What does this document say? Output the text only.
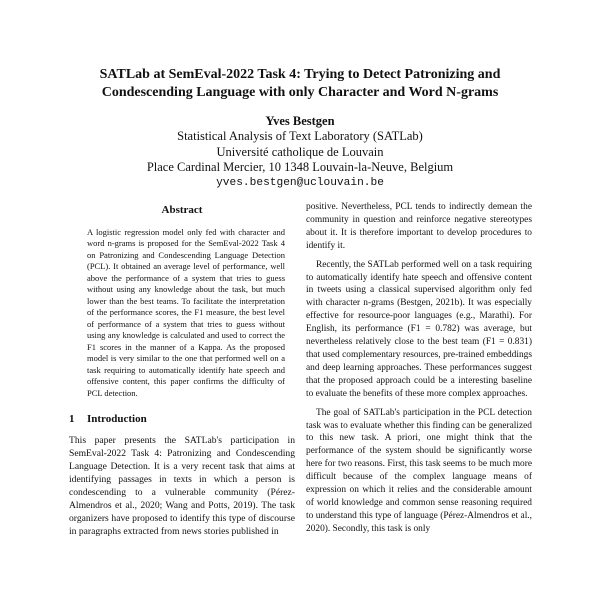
SATLab at SemEval-2022 Task 4: Trying to Detect Patronizing and
Condescending Language with only Character and Word N-grams
Yves Bestgen
Statistical Analysis of Text Laboratory (SATLab)
Université catholique de Louvain
Place Cardinal Mercier, 10 1348 Louvain-la-Neuve, Belgium
yves.bestgen@uclouvain.be
Abstract
A logistic regression model only fed with character and word n-grams is proposed for the SemEval-2022 Task 4 on Patronizing and Condescending Language Detection (PCL). It obtained an average level of performance, well above the performance of a system that tries to guess without using any knowledge about the task, but much lower than the best teams. To facilitate the interpretation of the performance scores, the F1 measure, the best level of performance of a system that tries to guess without using any knowledge is calculated and used to correct the F1 scores in the manner of a Kappa. As the proposed model is very similar to the one that performed well on a task requiring to automatically identify hate speech and offensive content, this paper confirms the difficulty of PCL detection.
1 Introduction

This paper presents the SATLab's participation in SemEval-2022 Task 4: Patronizing and Condescending Language Detection. It is a very recent task that aims at identifying passages in texts in which a person is condescending to a vulnerable community (Pérez-Almendros et al., 2020; Wang and Potts, 2019). The task organizers have proposed to identify this type of discourse in paragraphs extracted from news stories published in

positive. Nevertheless, PCL tends to indirectly demean the community in question and reinforce negative stereotypes about it. It is therefore important to develop procedures to identify it.

Recently, the SATLab performed well on a task requiring to automatically identify hate speech and offensive content in tweets using a classical supervised algorithm only fed with character n-grams (Bestgen, 2021b). It was especially effective for resource-poor languages (e.g., Marathi). For English, its performance (F1 = 0.782) was average, but nevertheless relatively close to the best team (F1 = 0.831) that used complementary resources, pre-trained embeddings and deep learning approaches. These performances suggest that the proposed approach could be a interesting baseline to evaluate the benefits of these more complex approaches.

The goal of SATLab's participation in the PCL detection task was to evaluate whether this finding can be generalized to this new task. A priori, one might think that the performance of the system should be significantly worse here for two reasons. First, this task seems to be much more difficult because of the complex language means of expression on which it relies and the considerable amount of world knowledge and common sense reasoning required to understand this type of language (Pérez-Almendros et al., 2020). Secondly, this task is only
